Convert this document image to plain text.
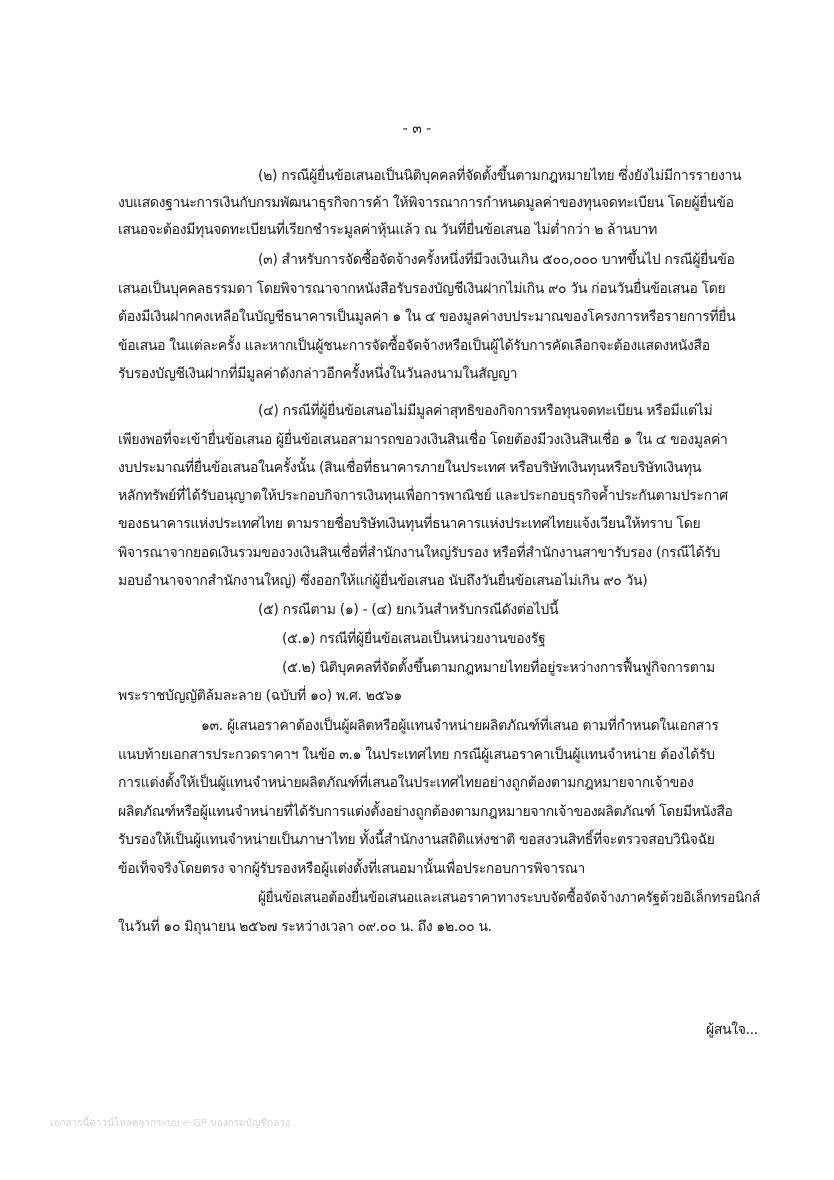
- ๓ -
(๒) กรณีผู้ยื่นข้อเสนอเป็นนิติบุคคลที่จัดตั้งขึ้นตามกฎหมายไทย ซึ่งยังไม่มีการรายงาน
งบแสดงฐานะการเงินกับกรมพัฒนาธุรกิจการค้า ให้พิจารณาการกำหนดมูลค่าของทุนจดทะเบียน โดยผู้ยื่นข้อ
เสนอจะต้องมีทุนจดทะเบียนที่เรียกชำระมูลค่าหุ้นแล้ว ณ วันที่ยื่นข้อเสนอ ไม่ต่ำกว่า ๒ ล้านบาท
(๓) สำหรับการจัดซื้อจัดจ้างครั้งหนึ่งที่มีวงเงินเกิน ๕๐๐,๐๐๐ บาทขึ้นไป กรณีผู้ยื่นข้อ
เสนอเป็นบุคคลธรรมดา โดยพิจารณาจากหนังสือรับรองบัญชีเงินฝากไม่เกิน ๙๐ วัน ก่อนวันยื่นข้อเสนอ โดย
ต้องมีเงินฝากคงเหลือในบัญชีธนาคารเป็นมูลค่า ๑ ใน ๔ ของมูลค่างบประมาณของโครงการหรือรายการที่ยื่น
ข้อเสนอ ในแต่ละครั้ง และหากเป็นผู้ชนะการจัดซื้อจัดจ้างหรือเป็นผู้ได้รับการคัดเลือกจะต้องแสดงหนังสือ
รับรองบัญชีเงินฝากที่มีมูลค่าดังกล่าวอีกครั้งหนึ่งในวันลงนามในสัญญา
(๔) กรณีที่ผู้ยื่นข้อเสนอไม่มีมูลค่าสุทธิของกิจการหรือทุนจดทะเบียน หรือมีแต่ไม่
เพียงพอที่จะเข้ายื่นข้อเสนอ ผู้ยื่นข้อเสนอสามารถขอวงเงินสินเชื่อ โดยต้องมีวงเงินสินเชื่อ ๑ ใน ๔ ของมูลค่า
งบประมาณที่ยื่นข้อเสนอในครั้งนั้น (สินเชื่อที่ธนาคารภายในประเทศ หรือบริษัทเงินทุนหรือบริษัทเงินทุน
หลักทรัพย์ที่ได้รับอนุญาตให้ประกอบกิจการเงินทุนเพื่อการพาณิชย์ และประกอบธุรกิจค้ำประกันตามประกาศ
ของธนาคารแห่งประเทศไทย ตามรายชื่อบริษัทเงินทุนที่ธนาคารแห่งประเทศไทยแจ้งเวียนให้ทราบ โดย
พิจารณาจากยอดเงินรวมของวงเงินสินเชื่อที่สำนักงานใหญ่รับรอง หรือที่สำนักงานสาขารับรอง (กรณีได้รับ
มอบอำนาจจากสำนักงานใหญ่) ซึ่งออกให้แก่ผู้ยื่นข้อเสนอ นับถึงวันยื่นข้อเสนอไม่เกิน ๙๐ วัน)
(๕) กรณีตาม (๑) - (๔) ยกเว้นสำหรับกรณีดังต่อไปนี้
(๕.๑) กรณีที่ผู้ยื่นข้อเสนอเป็นหน่วยงานของรัฐ
(๕.๒) นิติบุคคลที่จัดตั้งขึ้นตามกฎหมายไทยที่อยู่ระหว่างการฟื้นฟูกิจการตาม
พระราชบัญญัติล้มละลาย (ฉบับที่ ๑๐) พ.ศ. ๒๕๖๑
๑๓. ผู้เสนอราคาต้องเป็นผู้ผลิตหรือผู้แทนจำหน่ายผลิตภัณฑ์ที่เสนอ ตามที่กำหนดในเอกสาร
แนบท้ายเอกสารประกวดราคาฯ ในข้อ ๓.๑ ในประเทศไทย กรณีผู้เสนอราคาเป็นผู้แทนจำหน่าย ต้องได้รับ
การแต่งตั้งให้เป็นผู้แทนจำหน่ายผลิตภัณฑ์ที่เสนอในประเทศไทยอย่างถูกต้องตามกฎหมายจากเจ้าของ
ผลิตภัณฑ์หรือผู้แทนจำหน่ายที่ได้รับการแต่งตั้งอย่างถูกต้องตามกฎหมายจากเจ้าของผลิตภัณฑ์ โดยมีหนังสือ
รับรองให้เป็นผู้แทนจำหน่ายเป็นภาษาไทย ทั้งนี้สำนักงานสถิติแห่งชาติ ขอสงวนสิทธิ์ที่จะตรวจสอบวินิจฉัย
ข้อเท็จจริงโดยตรง จากผู้รับรองหรือผู้แต่งตั้งที่เสนอมานั้นเพื่อประกอบการพิจารณา
ผู้ยื่นข้อเสนอต้องยื่นข้อเสนอและเสนอราคาทางระบบจัดซื้อจัดจ้างภาครัฐด้วยอิเล็กทรอนิกส์
ในวันที่ ๑๐ มิถุนายน ๒๕๖๗ ระหว่างเวลา ๐๙.๐๐ น. ถึง ๑๒.๐๐ น.
ผู้สนใจ...
เอกสารนี้ดาวน์โหลดจากระบบ e-GP ของกรมบัญชีกลาง
